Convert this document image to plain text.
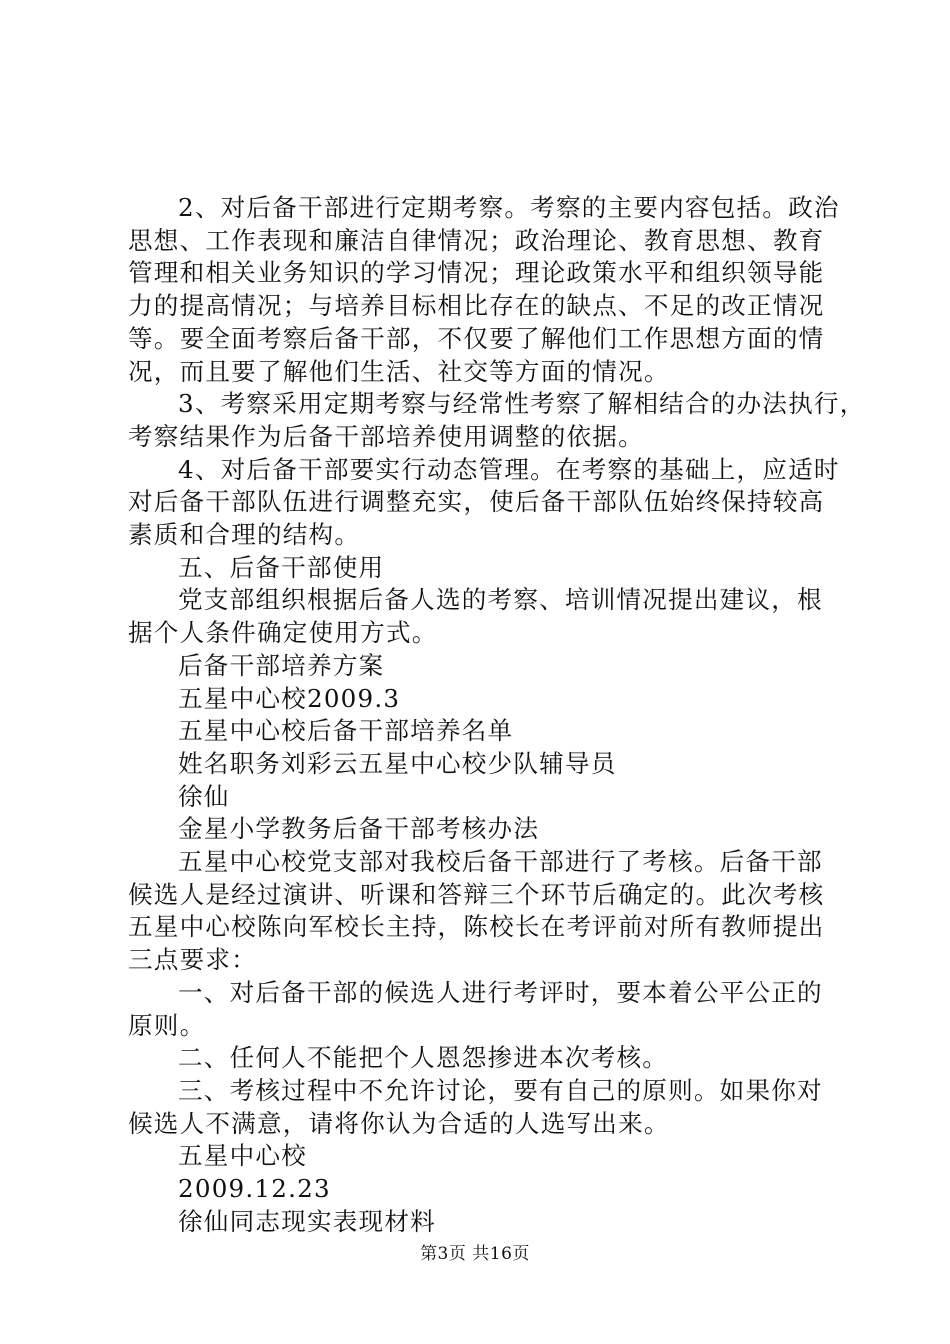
2、对后备干部进行定期考察。考察的主要内容包括。政治

思想、工作表现和廉洁自律情况；政治理论、教育思想、教育

管理和相关业务知识的学习情况；理论政策水平和组织领导能

力的提高情况；与培养目标相比存在的缺点、不足的改正情况

等。要全面考察后备干部，不仅要了解他们工作思想方面的情

况，而且要了解他们生活、社交等方面的情况。

3、考察采用定期考察与经常性考察了解相结合的办法执行，

考察结果作为后备干部培养使用调整的依据。

4、对后备干部要实行动态管理。在考察的基础上，应适时

对后备干部队伍进行调整充实，使后备干部队伍始终保持较高

素质和合理的结构。

五、后备干部使用

党支部组织根据后备人选的考察、培训情况提出建议，根

据个人条件确定使用方式。

后备干部培养方案

五星中心校2009.3

五星中心校后备干部培养名单

姓名职务刘彩云五星中心校少队辅导员

徐仙

金星小学教务后备干部考核办法

五星中心校党支部对我校后备干部进行了考核。后备干部

候选人是经过演讲、听课和答辩三个环节后确定的。此次考核

五星中心校陈向军校长主持，陈校长在考评前对所有教师提出

三点要求：

一、对后备干部的候选人进行考评时，要本着公平公正的

原则。

二、任何人不能把个人恩怨掺进本次考核。

三、考核过程中不允许讨论，要有自己的原则。如果你对

候选人不满意，请将你认为合适的人选写出来。

五星中心校

2009.12.23

徐仙同志现实表现材料

第3页 共16页
